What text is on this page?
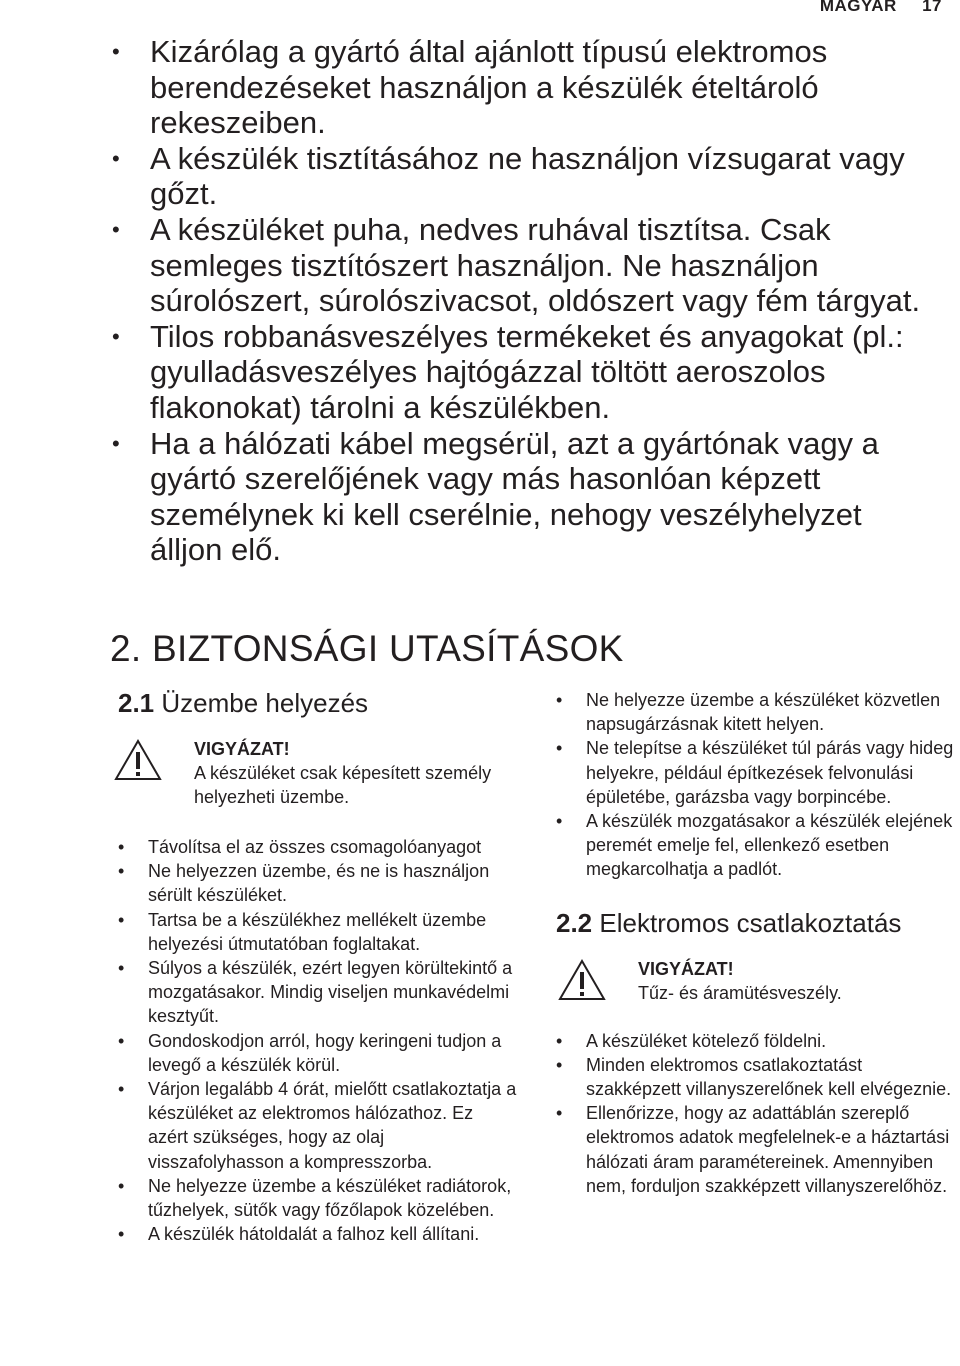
MAGYAR 17
• Kizárólag a gyártó által ajánlott típusú elektromos berendezéseket használjon a készülék ételtároló rekeszeiben.
• A készülék tisztításához ne használjon vízsugarat vagy gőzt.
• A készüléket puha, nedves ruhával tisztítsa. Csak semleges tisztítószert használjon. Ne használjon súrolószert, súrolószivacsot, oldószert vagy fém tárgyat.
• Tilos robbanásveszélyes termékeket és anyagokat (pl.: gyulladásveszélyes hajtógázzal töltött aeroszolos flakonokat) tárolni a készülékben.
• Ha a hálózati kábel megsérül, azt a gyártónak vagy a gyártó szerelőjének vagy más hasonlóan képzett személynek ki kell cserélnie, nehogy veszélyhelyzet álljon elő.
2. BIZTONSÁGI UTASÍTÁSOK
2.1 Üzembe helyezés
VIGYÁZAT!
A készüléket csak képesített személy helyezheti üzembe.
• Távolítsa el az összes csomagolóanyagot
• Ne helyezzen üzembe, és ne is használjon sérült készüléket.
• Tartsa be a készülékhez mellékelt üzembe helyezési útmutatóban foglaltakat.
• Súlyos a készülék, ezért legyen körültekintő a mozgatásakor. Mindig viseljen munkavédelmi kesztyűt.
• Gondoskodjon arról, hogy keringeni tudjon a levegő a készülék körül.
• Várjon legalább 4 órát, mielőtt csatlakoztatja a készüléket az elektromos hálózathoz. Ez azért szükséges, hogy az olaj visszafolyhasson a kompresszorba.
• Ne helyezze üzembe a készüléket radiátorok, tűzhelyek, sütők vagy főzőlapok közelében.
• A készülék hátoldalát a falhoz kell állítani.
• Ne helyezze üzembe a készüléket közvetlen napsugárzásnak kitett helyen.
• Ne telepítse a készüléket túl párás vagy hideg helyekre, például építkezések felvonulási épületébe, garázsba vagy borpincébe.
• A készülék mozgatásakor a készülék elejének peremét emelje fel, ellenkező esetben megkarcolhatja a padlót.
2.2 Elektromos csatlakoztatás
VIGYÁZAT!
Tűz- és áramütésveszély.
• A készüléket kötelező földelni.
• Minden elektromos csatlakoztatást szakképzett villanyszerelőnek kell elvégeznie.
• Ellenőrizze, hogy az adattáblán szereplő elektromos adatok megfelelnek-e a háztartási hálózati áram paramétereinek. Amennyiben nem, forduljon szakképzett villanyszerelőhöz.
